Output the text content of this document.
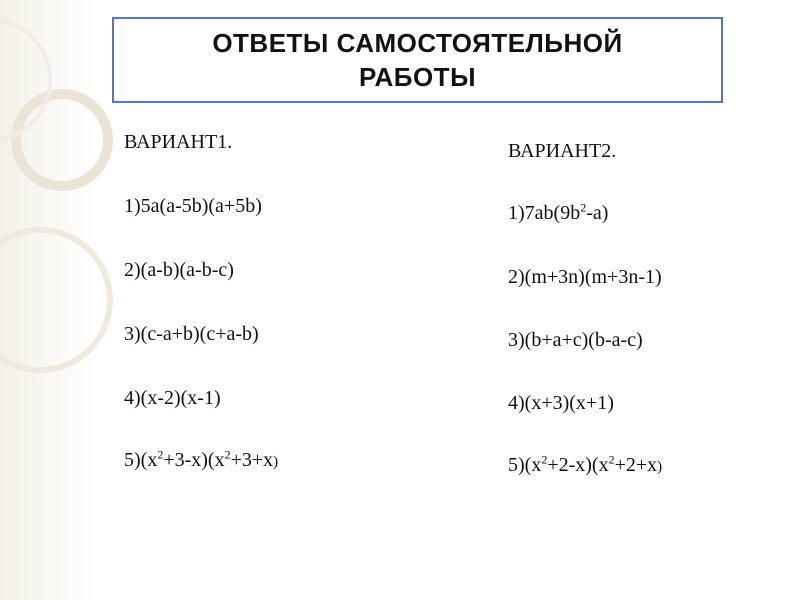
ОТВЕТЫ САМОСТОЯТЕЛЬНОЙ РАБОТЫ
ВАРИАНТ1.
1)5a(a-5b)(a+5b)
2)(a-b)(a-b-c)
3)(c-a+b)(c+a-b)
4)(x-2)(x-1)
$5)(x^2+3-x)(x^2+3+x)$
ВАРИАНТ2.
$1)7ab(9b^2-a)$
2)(m+3n)(m+3n-1)
3)(b+a+c)(b-a-c)
4)(x+3)(x+1)
$5)(x^2+2-x)(x^2+2+x)$
